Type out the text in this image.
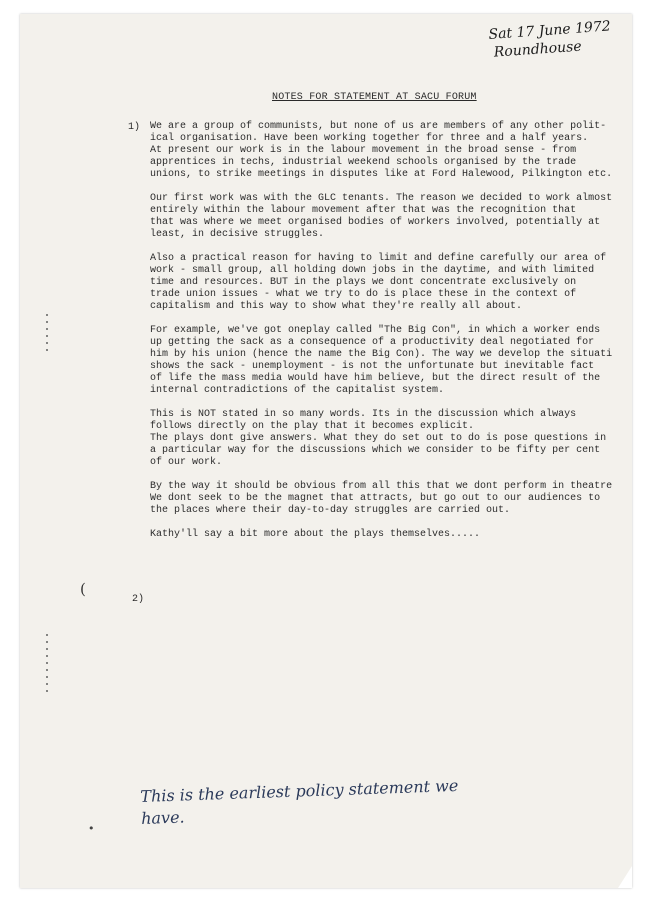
Sat 17 June 1972
Roundhouse
NOTES FOR STATEMENT AT SACU FORUM
1) We are a group of communists, but none of us are members of any other polit-
ical organisation. Have been working together for three and a half years.
At present our work is in the labour movement in the broad sense - from
apprentices in techs, industrial weekend schools organised by the trade
unions, to strike meetings in disputes like at Ford Halewood, Pilkington etc.
Our first work was with the GLC tenants. The reason we decided to work almost
entirely within the labour movement after that was the recognition that
that was where we meet organised bodies of workers involved, potentially at
least, in decisive struggles.
Also a practical reason for having to limit and define carefully our area of
work - small group, all holding down jobs in the daytime, and with limited
time and resources. BUT in the plays we dont concentrate exclusively on
trade union issues - what we try to do is place these in the context of
capitalism and this way to show what they're really all about.
For example, we've got oneplay called "The Big Con", in which a worker ends
up getting the sack as a consequence of a productivity deal negotiated for
him by his union (hence the name the Big Con). The way we develop the situati
shows the sack - unemployment - is not the unfortunate but inevitable fact
of life the mass media would have him believe, but the direct result of the
internal contradictions of the capitalist system.
This is NOT stated in so many words. Its in the discussion which always
follows directly on the play that it becomes explicit.
The plays dont give answers. What they do set out to do is pose questions in
a particular way for the discussions which we consider to be fifty per cent
of our work.
By the way it should be obvious from all this that we dont perform in theatre
We dont seek to be the magnet that attracts, but go out to our audiences to
the places where their day-to-day struggles are carried out.
Kathy'll say a bit more about the plays themselves.....
2)
(
This is the earliest policy statement we
have.
•
